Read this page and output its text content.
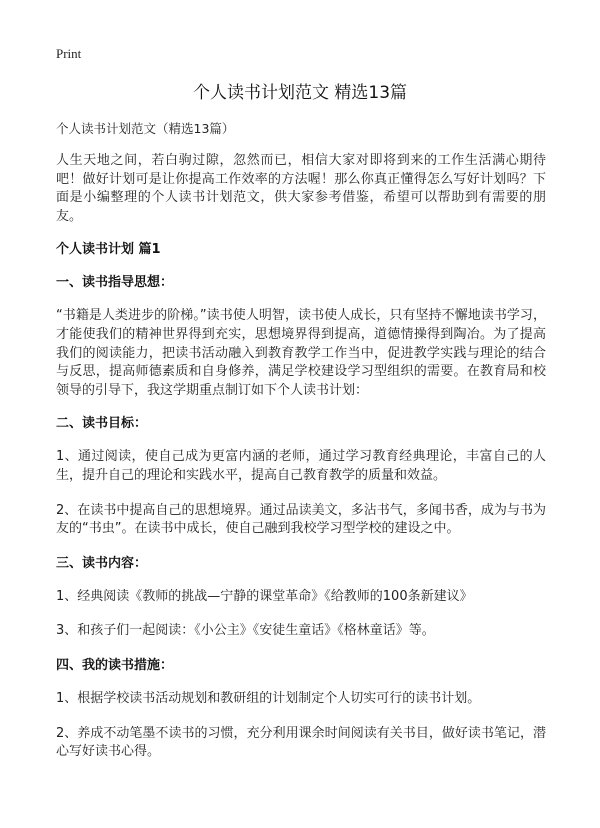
Print
个人读书计划范文 精选13篇
个人读书计划范文（精选13篇）

人生天地之间，若白驹过隙，忽然而已，相信大家对即将到来的工作生活满心期待吧！做好计划可是让你提高工作效率的方法喔！那么你真正懂得怎么写好计划吗？下面是小编整理的个人读书计划范文，供大家参考借鉴，希望可以帮助到有需要的朋友。

个人读书计划 篇1
一、读书指导思想：

“书籍是人类进步的阶梯。”读书使人明智，读书使人成长，只有坚持不懈地读书学习，才能使我们的精神世界得到充实，思想境界得到提高，道德情操得到陶冶。为了提高我们的阅读能力，把读书活动融入到教育教学工作当中，促进教学实践与理论的结合与反思，提高师德素质和自身修养，满足学校建设学习型组织的需要。在教育局和校领导的引导下，我这学期重点制订如下个人读书计划：

二、读书目标：

1、通过阅读，使自己成为更富内涵的老师，通过学习教育经典理论，丰富自己的人生，提升自己的理论和实践水平，提高自己教育教学的质量和效益。

2、在读书中提高自己的思想境界。通过品读美文，多沾书气，多闻书香，成为与书为友的“书虫”。在读书中成长，使自己融到我校学习型学校的建设之中。

三、读书内容：

1、经典阅读《教师的挑战—宁静的课堂革命》《给教师的100条新建议》

3、和孩子们一起阅读：《小公主》《安徒生童话》《格林童话》等。

四、我的读书措施：

1、根据学校读书活动规划和教研组的计划制定个人切实可行的读书计划。

2、养成不动笔墨不读书的习惯，充分利用课余时间阅读有关书目，做好读书笔记，潜心写好读书心得。
